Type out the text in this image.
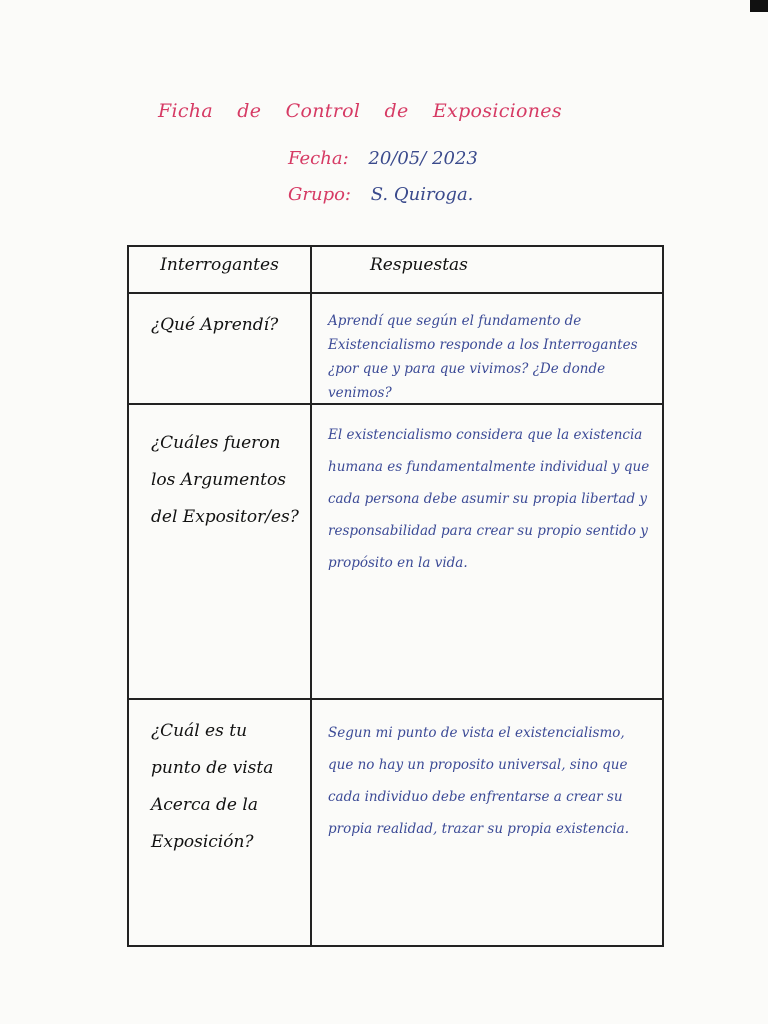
Ficha de Control de Exposiciones
Fecha: 20/05/ 2023
Grupo: S. Quiroga.
Interrogantes	Respuestas
¿Qué Aprendí?	Aprendí que según el fundamento de Existencialismo responde a los Interrogantes ¿por que y para que vivimos? ¿De donde venimos?
¿Cuáles fueron los Argumentos del Expositor/es?
El existencialismo considera que la existencia humana es fundamentalmente individual y que cada persona debe asumir su propia libertad y responsabilidad para crear su propio sentido y propósito en la vida.
¿Cuál es tu punto de vista Acerca de la Exposición?
Segun mi punto de vista el existencialismo, que no hay un proposito universal, sino que cada individuo debe enfrentarse a crear su propia realidad, trazar su propia existencia.
